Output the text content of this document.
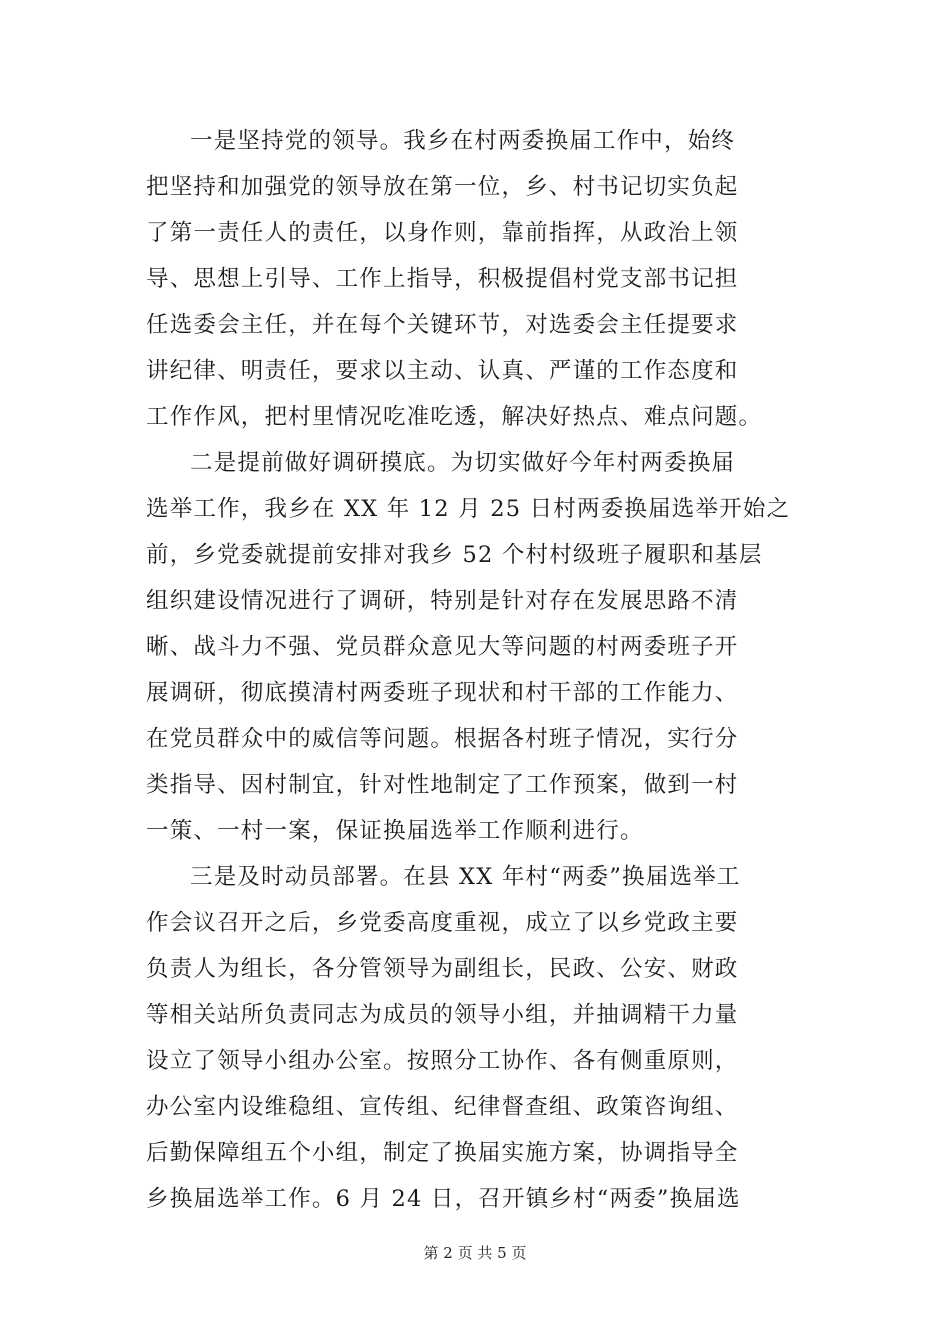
一是坚持党的领导。我乡在村两委换届工作中，始终
把坚持和加强党的领导放在第一位，乡、村书记切实负起
了第一责任人的责任，以身作则，靠前指挥，从政治上领
导、思想上引导、工作上指导，积极提倡村党支部书记担
任选委会主任，并在每个关键环节，对选委会主任提要求
讲纪律、明责任，要求以主动、认真、严谨的工作态度和
工作作风，把村里情况吃准吃透，解决好热点、难点问题。
二是提前做好调研摸底。为切实做好今年村两委换届
选举工作，我乡在 XX 年 12 月 25 日村两委换届选举开始之
前，乡党委就提前安排对我乡 52 个村村级班子履职和基层
组织建设情况进行了调研，特别是针对存在发展思路不清
晰、战斗力不强、党员群众意见大等问题的村两委班子开
展调研，彻底摸清村两委班子现状和村干部的工作能力、
在党员群众中的威信等问题。根据各村班子情况，实行分
类指导、因村制宜，针对性地制定了工作预案，做到一村
一策、一村一案，保证换届选举工作顺利进行。
三是及时动员部署。在县 XX 年村“两委”换届选举工
作会议召开之后，乡党委高度重视，成立了以乡党政主要
负责人为组长，各分管领导为副组长，民政、公安、财政
等相关站所负责同志为成员的领导小组，并抽调精干力量
设立了领导小组办公室。按照分工协作、各有侧重原则，
办公室内设维稳组、宣传组、纪律督查组、政策咨询组、
后勤保障组五个小组，制定了换届实施方案，协调指导全
乡换届选举工作。6 月 24 日，召开镇乡村“两委”换届选
第 2 页 共 5 页
